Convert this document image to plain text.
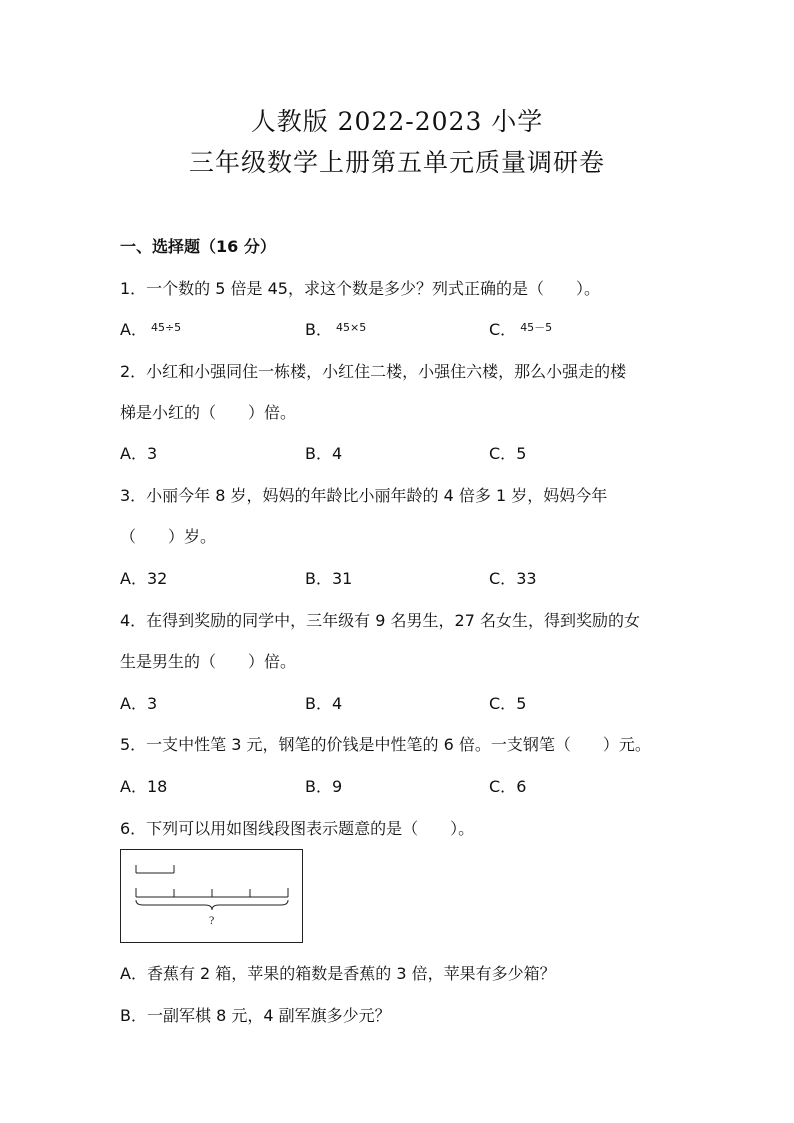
人教版 2022-2023 小学
三年级数学上册第五单元质量调研卷
一、选择题（16 分）
1．一个数的 5 倍是 45，求这个数是多少？列式正确的是（　　）。
A． $^{45\div 5}$	B． $^{45\times 5}$	C． $^{45-5}$
2．小红和小强同住一栋楼，小红住二楼，小强住六楼，那么小强走的楼
梯是小红的（　　）倍。
A．3	B．4	C．5
3．小丽今年 8 岁，妈妈的年龄比小丽年龄的 4 倍多 1 岁，妈妈今年
（　　）岁。
A．32	B．31	C．33
4．在得到奖励的同学中，三年级有 9 名男生，27 名女生，得到奖励的女
生是男生的（　　）倍。
A．3	B．4	C．5
5．一支中性笔 3 元，钢笔的价钱是中性笔的 6 倍。一支钢笔（　　）元。
A．18	B．9	C．6
6．下列可以用如图线段图表示题意的是（　　）。
?
A．香蕉有 2 箱，苹果的箱数是香蕉的 3 倍，苹果有多少箱？
B．一副军棋 8 元，4 副军旗多少元？
